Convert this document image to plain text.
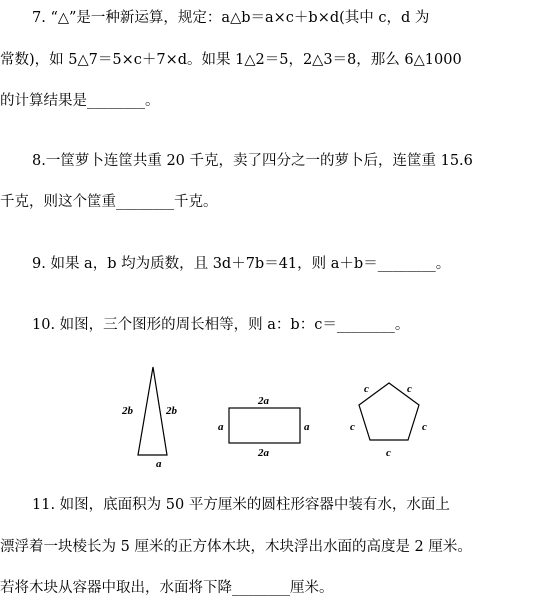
7. “△”是一种新运算，规定：a△b＝a×c＋b×d(其中 c，d 为
常数)，如 5△7＝5×c＋7×d。如果 1△2＝5，2△3＝8，那么 6△1000
的计算结果是________。
8.一筐萝卜连筐共重 20 千克，卖了四分之一的萝卜后，连筐重 15.6
千克，则这个筐重________千克。
9. 如果 a，b 均为质数，且 3d＋7b＝41，则 a＋b＝________。
10. 如图，三个图形的周长相等，则 a：b：c＝________。
2b	2b
a
2a
2a
a	a
c	c
c	c
c
11. 如图，底面积为 50 平方厘米的圆柱形容器中装有水，水面上
漂浮着一块棱长为 5 厘米的正方体木块，木块浮出水面的高度是 2 厘米。
若将木块从容器中取出，水面将下降________厘米。
